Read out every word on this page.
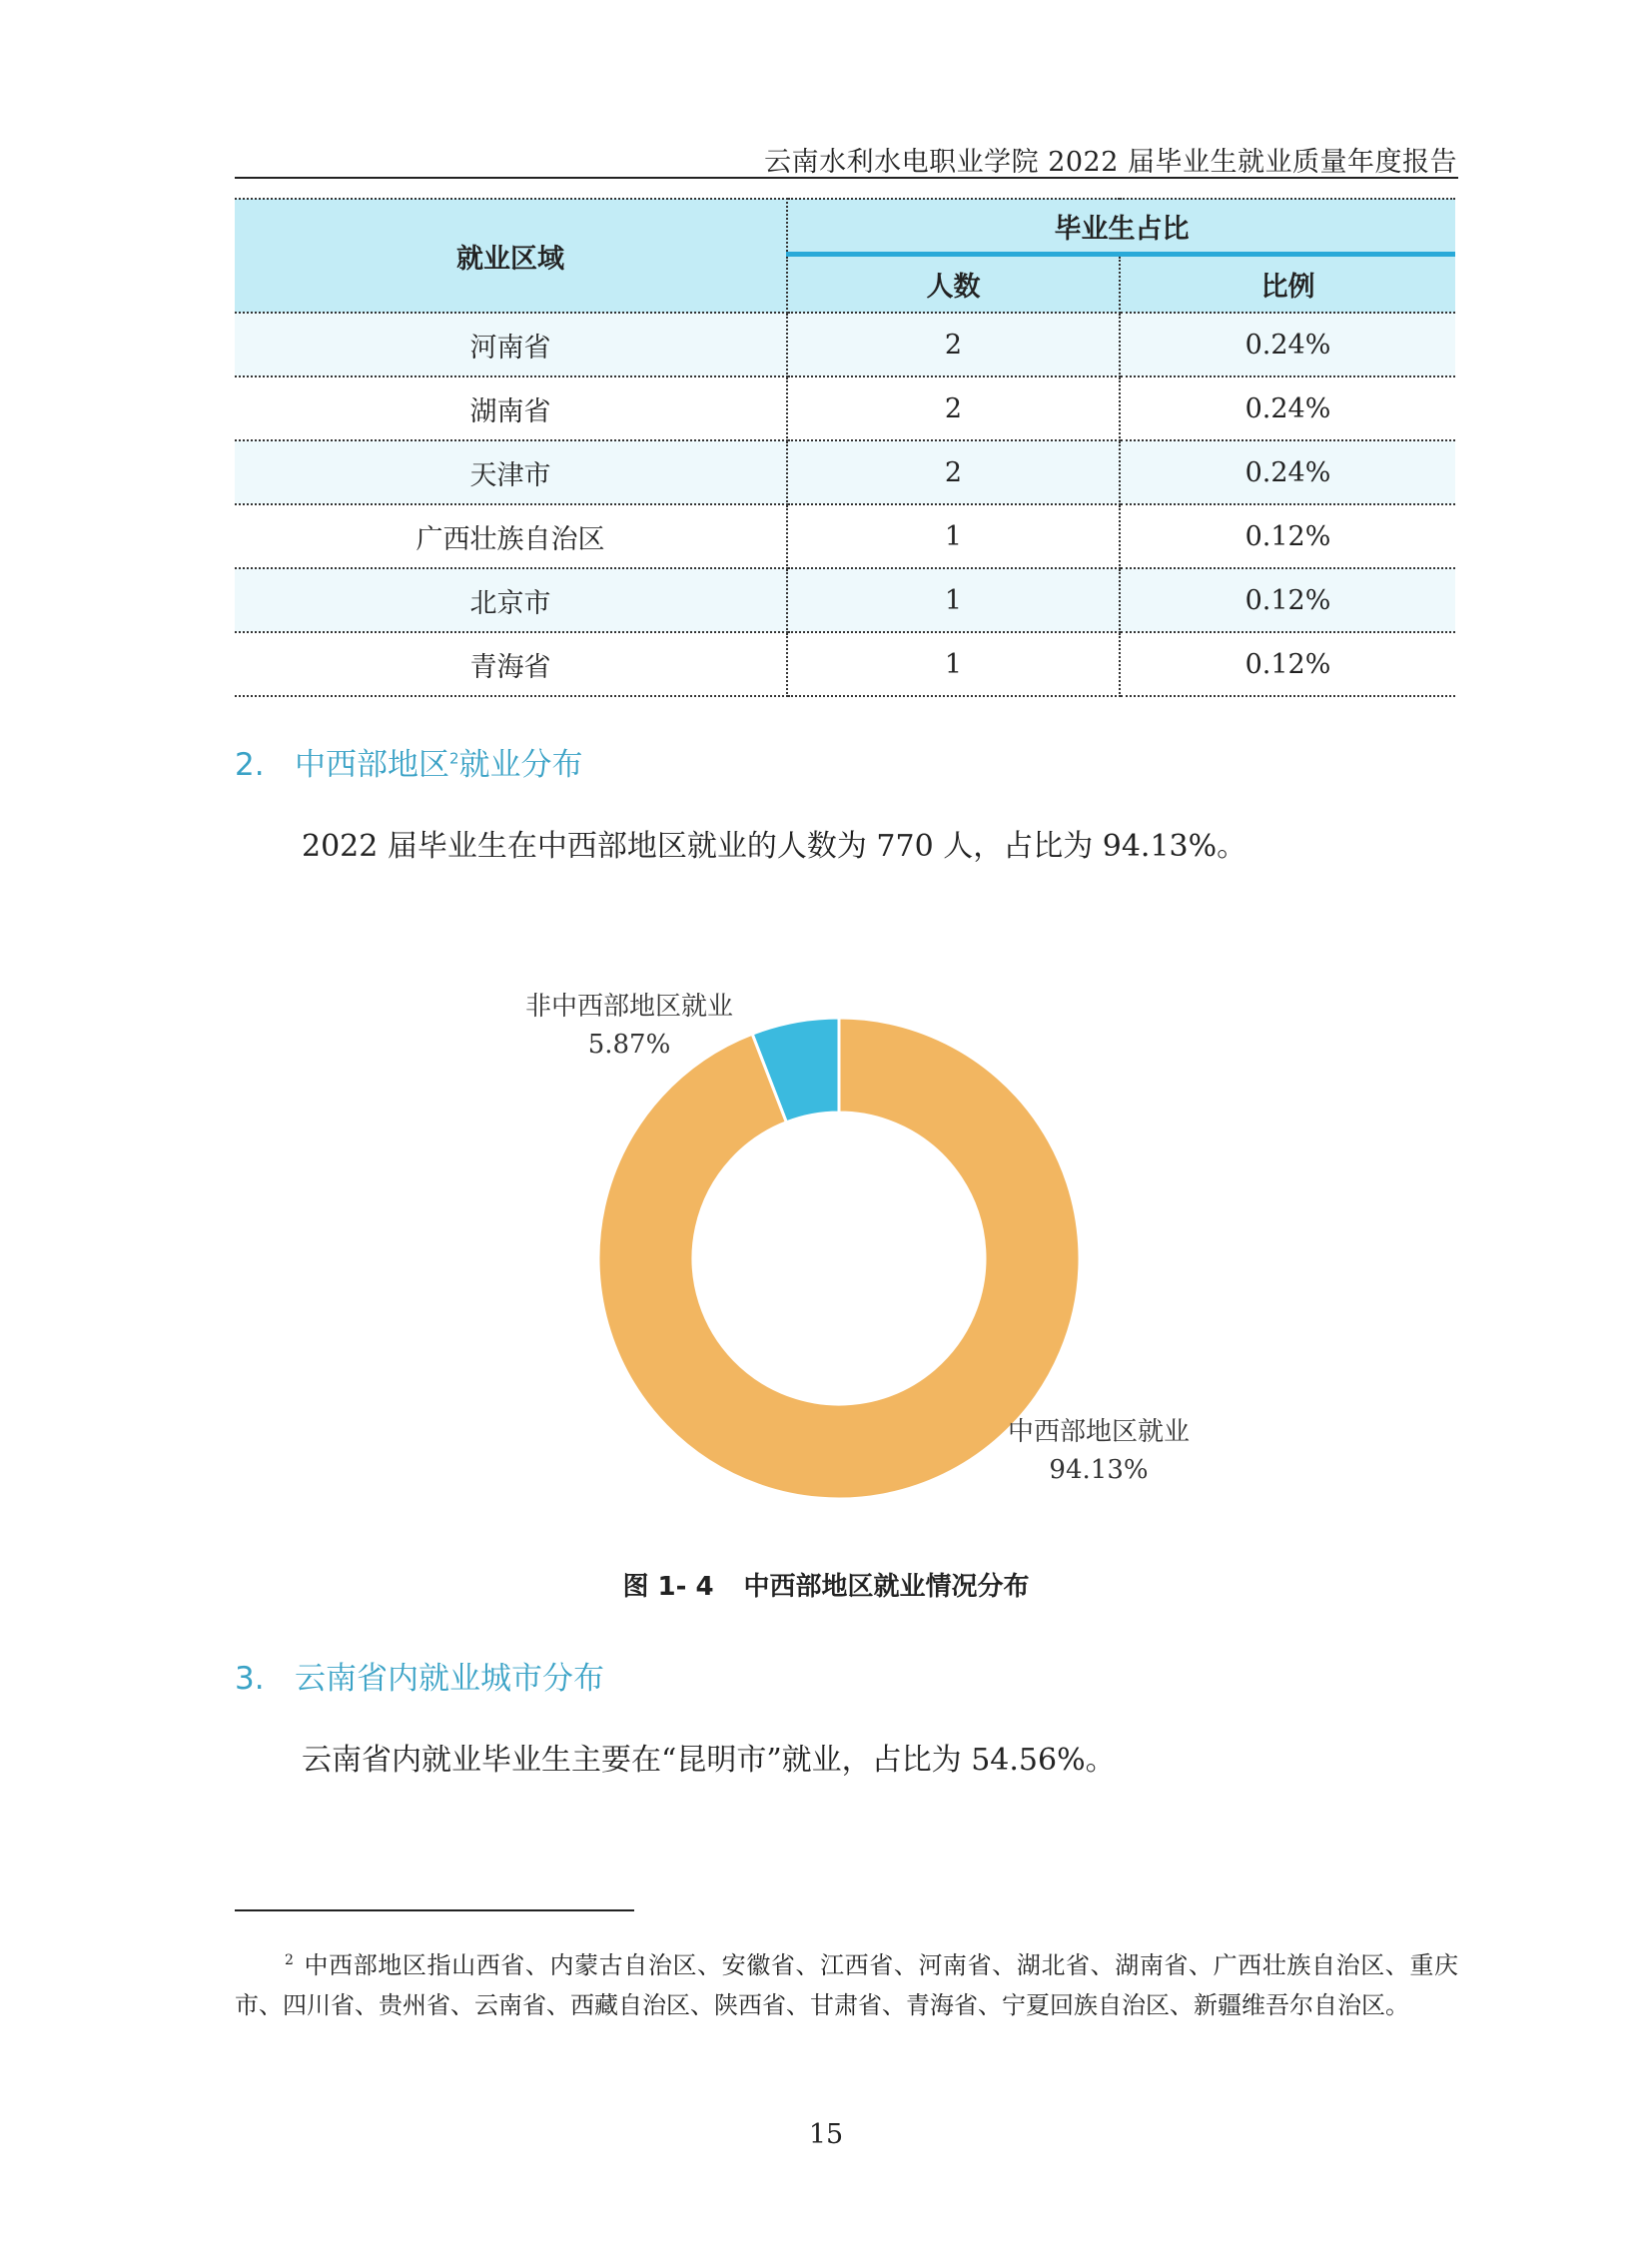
云南水利水电职业学院 2022 届毕业生就业质量年度报告
就业区域	毕业生占比	
	人数	比例
河南省	2	0.24%
湖南省	2	0.24%
天津市	2	0.24%
广西壮族自治区	1	0.12%
北京市	1	0.12%
青海省	1	0.12%
2. 中西部地区$^2$就业分布
2022 届毕业生在中西部地区就业的人数为 770 人，占比为 94.13%。
非中西部地区就业
5.87%
中西部地区就业
94.13%
图 1- 4 中西部地区就业情况分布
3. 云南省内就业城市分布
云南省内就业毕业生主要在“昆明市”就业，占比为 54.56%。
$^2$ 中西部地区指山西省、内蒙古自治区、安徽省、江西省、河南省、湖北省、湖南省、广西壮族自治区、重庆市、四川省、贵州省、云南省、西藏自治区、陕西省、甘肃省、青海省、宁夏回族自治区、新疆维吾尔自治区。
15
